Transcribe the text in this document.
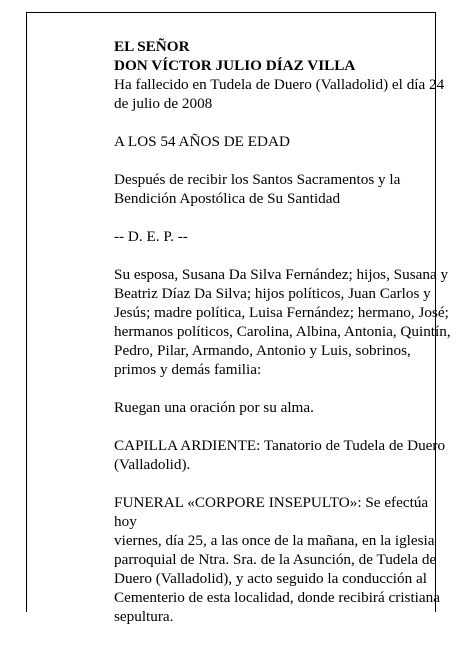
EL SEÑOR

DON VÍCTOR JULIO DÍAZ VILLA

Ha fallecido en Tudela de Duero (Valladolid) el día 24
de julio de 2008

A LOS 54 AÑOS DE EDAD

Después de recibir los Santos Sacramentos y la
Bendición Apostólica de Su Santidad

-- D. E. P. --

Su esposa, Susana Da Silva Fernández; hijos, Susana y
Beatriz Díaz Da Silva; hijos políticos, Juan Carlos y
Jesús; madre política, Luisa Fernández; hermano, José;
hermanos políticos, Carolina, Albina, Antonia, Quintín,
Pedro, Pilar, Armando, Antonio y Luis, sobrinos,
primos y demás familia:

Ruegan una oración por su alma.

CAPILLA ARDIENTE: Tanatorio de Tudela de Duero
(Valladolid).

FUNERAL «CORPORE INSEPULTO»: Se efectúa hoy
viernes, día 25, a las once de la mañana, en la iglesia
parroquial de Ntra. Sra. de la Asunción, de Tudela de
Duero (Valladolid), y acto seguido la conducción al
Cementerio de esta localidad, donde recibirá cristiana
sepultura.
